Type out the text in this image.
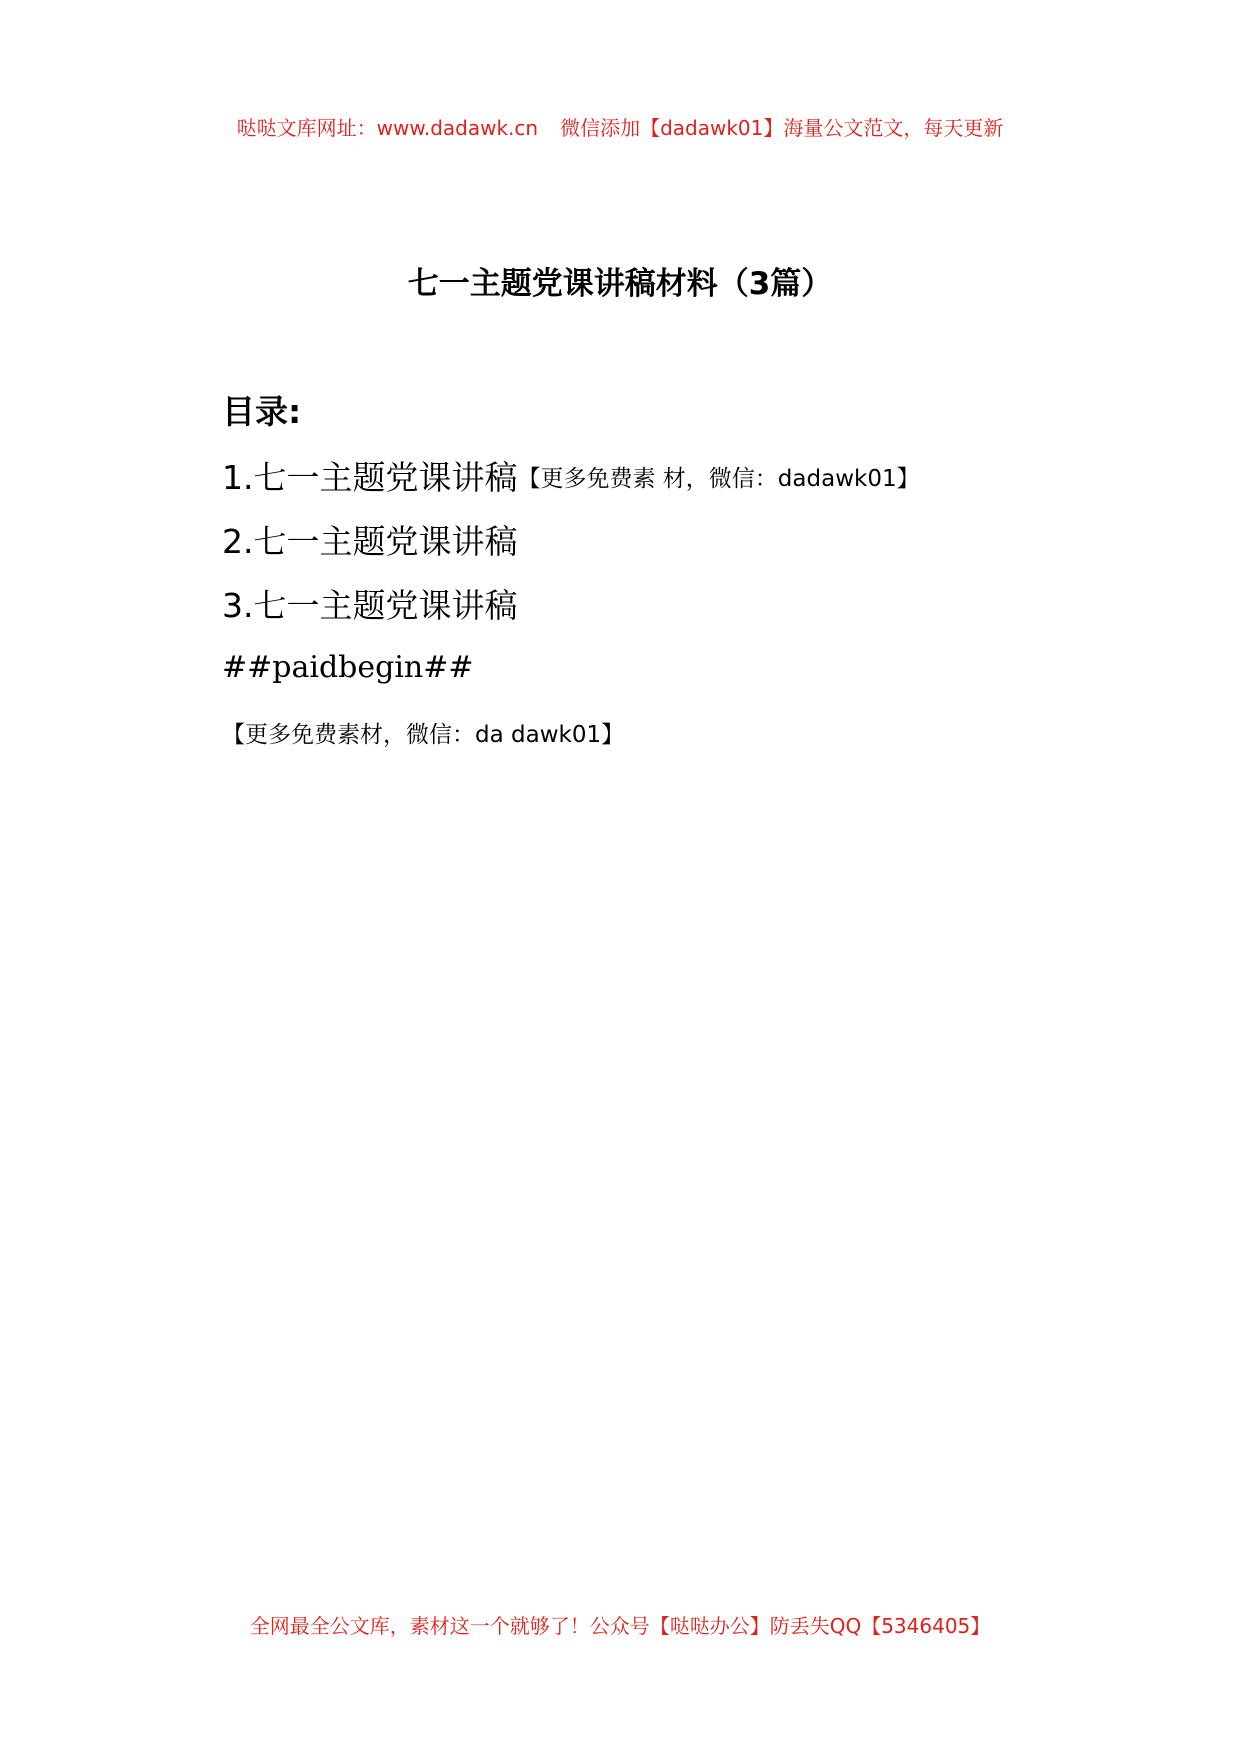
哒哒文库网址：www.dadawk.cn 微信添加【dadawk01】海量公文范文，每天更新
七一主题党课讲稿材料（3篇）
目录:
1.七一主题党课讲稿【更多免费素 材，微信：dadawk01】
2.七一主题党课讲稿
3.七一主题党课讲稿
##paidbegin##
【更多免费素材，微信：da dawk01】
全网最全公文库，素材这一个就够了！公众号【哒哒办公】防丢失QQ【5346405】
